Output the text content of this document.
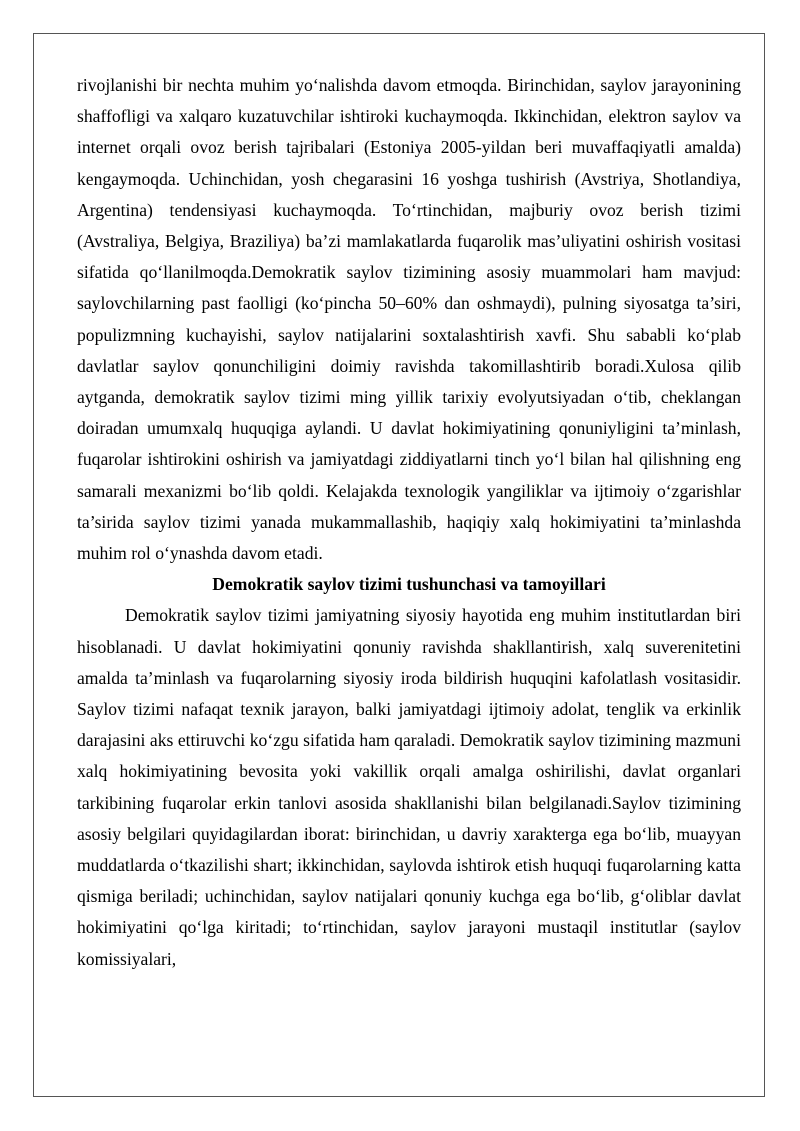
rivojlanishi bir nechta muhim yo‘nalishda davom etmoqda. Birinchidan, saylov jarayonining shaffofligi va xalqaro kuzatuvchilar ishtiroki kuchaymoqda. Ikkinchidan, elektron saylov va internet orqali ovoz berish tajribalari (Estoniya 2005-yildan beri muvaffaqiyatli amalda) kengaymoqda. Uchinchidan, yosh chegarasini 16 yoshga tushirish (Avstriya, Shotlandiya, Argentina) tendensiyasi kuchaymoqda. To‘rtinchidan, majburiy ovoz berish tizimi (Avstraliya, Belgiya, Braziliya) ba’zi mamlakatlarda fuqarolik mas’uliyatini oshirish vositasi sifatida qo‘llanilmoqda.Demokratik saylov tizimining asosiy muammolari ham mavjud: saylovchilarning past faolligi (ko‘pincha 50–60% dan oshmaydi), pulning siyosatga ta’siri, populizmning kuchayishi, saylov natijalarini soxtalashtirish xavfi. Shu sababli ko‘plab davlatlar saylov qonunchiligini doimiy ravishda takomillashtirib boradi.Xulosa qilib aytganda, demokratik saylov tizimi ming yillik tarixiy evolyutsiyadan o‘tib, cheklangan doiradan umumxalq huquqiga aylandi. U davlat hokimiyatining qonuniyligini ta’minlash, fuqarolar ishtirokini oshirish va jamiyatdagi ziddiyatlarni tinch yo‘l bilan hal qilishning eng samarali mexanizmi bo‘lib qoldi. Kelajakda texnologik yangiliklar va ijtimoiy o‘zgarishlar ta’sirida saylov tizimi yanada mukammallashib, haqiqiy xalq hokimiyatini ta’minlashda muhim rol o‘ynashda davom etadi.

Demokratik saylov tizimi tushunchasi va tamoyillari

Demokratik saylov tizimi jamiyatning siyosiy hayotida eng muhim institutlardan biri hisoblanadi. U davlat hokimiyatini qonuniy ravishda shakllantirish, xalq suverenitetini amalda ta’minlash va fuqarolarning siyosiy iroda bildirish huquqini kafolatlash vositasidir. Saylov tizimi nafaqat texnik jarayon, balki jamiyatdagi ijtimoiy adolat, tenglik va erkinlik darajasini aks ettiruvchi ko‘zgu sifatida ham qaraladi. Demokratik saylov tizimining mazmuni xalq hokimiyatining bevosita yoki vakillik orqali amalga oshirilishi, davlat organlari tarkibining fuqarolar erkin tanlovi asosida shakllanishi bilan belgilanadi.Saylov tizimining asosiy belgilari quyidagilardan iborat: birinchidan, u davriy xarakterga ega bo‘lib, muayyan muddatlarda o‘tkazilishi shart; ikkinchidan, saylovda ishtirok etish huquqi fuqarolarning katta qismiga beriladi; uchinchidan, saylov natijalari qonuniy kuchga ega bo‘lib, g‘oliblar davlat hokimiyatini qo‘lga kiritadi; to‘rtinchidan, saylov jarayoni mustaqil institutlar (saylov komissiyalari,
